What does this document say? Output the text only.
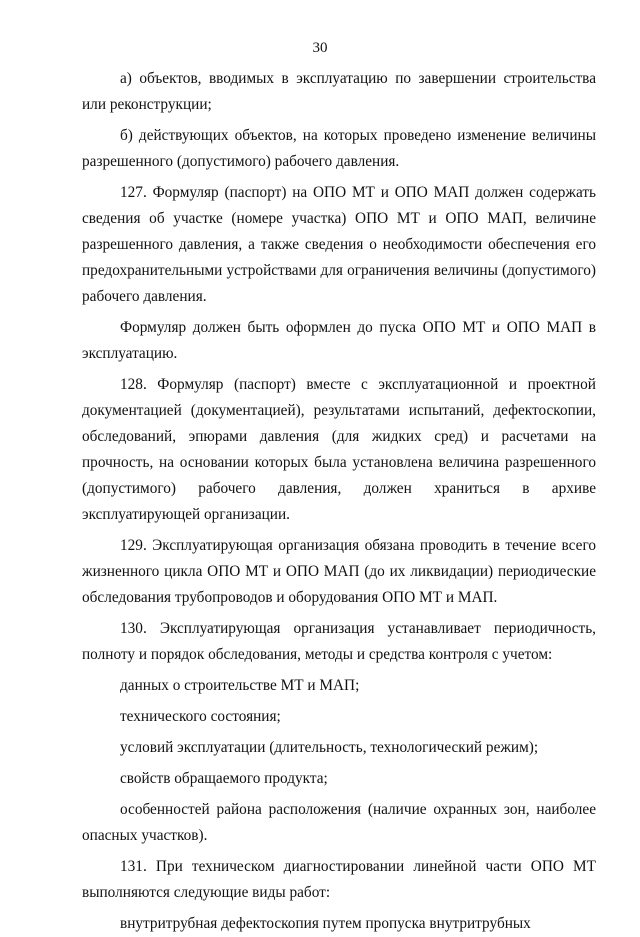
30

а) объектов, вводимых в эксплуатацию по завершении строительства или реконструкции;

б) действующих объектов, на которых проведено изменение величины разрешенного (допустимого) рабочего давления.

127. Формуляр (паспорт) на ОПО МТ и ОПО МАП должен содержать сведения об участке (номере участка) ОПО МТ и ОПО МАП, величине разрешенного давления, а также сведения о необходимости обеспечения его предохранительными устройствами для ограничения величины (допустимого) рабочего давления.

Формуляр должен быть оформлен до пуска ОПО МТ и ОПО МАП в эксплуатацию.

128. Формуляр (паспорт) вместе с эксплуатационной и проектной документацией (документацией), результатами испытаний, дефектоскопии, обследований, эпюрами давления (для жидких сред) и расчетами на прочность, на основании которых была установлена величина разрешенного (допустимого) рабочего давления, должен храниться в архиве эксплуатирующей организации.

129. Эксплуатирующая организация обязана проводить в течение всего жизненного цикла ОПО МТ и ОПО МАП (до их ликвидации) периодические обследования трубопроводов и оборудования ОПО МТ и МАП.

130. Эксплуатирующая организация устанавливает периодичность, полноту и порядок обследования, методы и средства контроля с учетом:

данных о строительстве МТ и МАП;

технического состояния;

условий эксплуатации (длительность, технологический режим);

свойств обращаемого продукта;

особенностей района расположения (наличие охранных зон, наиболее опасных участков).

131. При техническом диагностировании линейной части ОПО МТ выполняются следующие виды работ:

внутритрубная дефектоскопия путем пропуска внутритрубных
